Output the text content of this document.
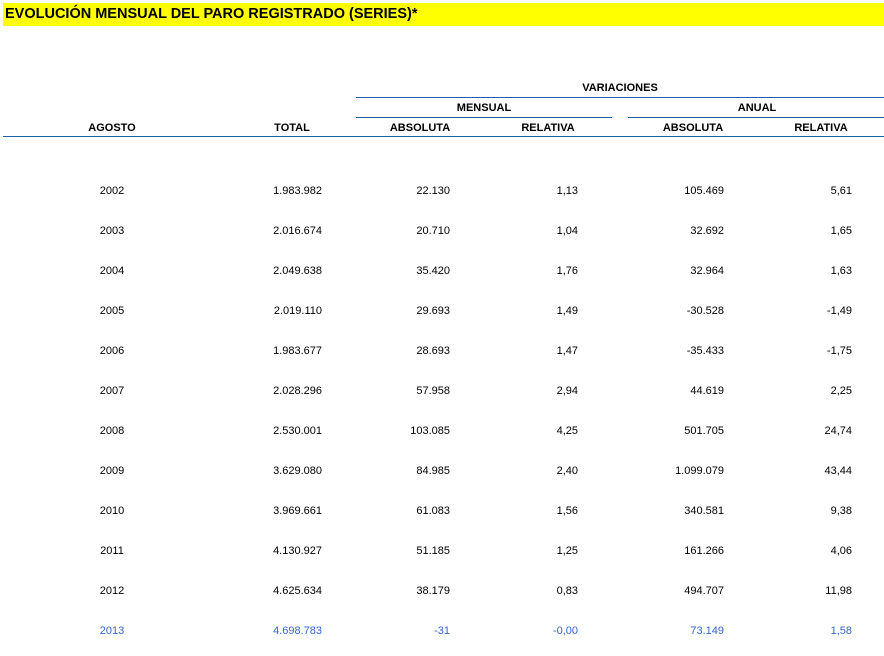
EVOLUCIÓN MENSUAL DEL PARO REGISTRADO (SERIES)*
VARIACIONES
MENSUAL	ANUAL
AGOSTO	TOTAL	ABSOLUTA	RELATIVA	ABSOLUTA	RELATIVA
2002	1.983.982	22.130	1,13	105.469	5,61
2003	2.016.674	20.710	1,04	32.692	1,65
2004	2.049.638	35.420	1,76	32.964	1,63
2005	2.019.110	29.693	1,49	-30.528	-1,49
2006	1.983.677	28.693	1,47	-35.433	-1,75
2007	2.028.296	57.958	2,94	44.619	2,25
2008	2.530.001	103.085	4,25	501.705	24,74
2009	3.629.080	84.985	2,40	1.099.079	43,44
2010	3.969.661	61.083	1,56	340.581	9,38
2011	4.130.927	51.185	1,25	161.266	4,06
2012	4.625.634	38.179	0,83	494.707	11,98
2013	4.698.783	-31	-0,00	73.149	1,58
